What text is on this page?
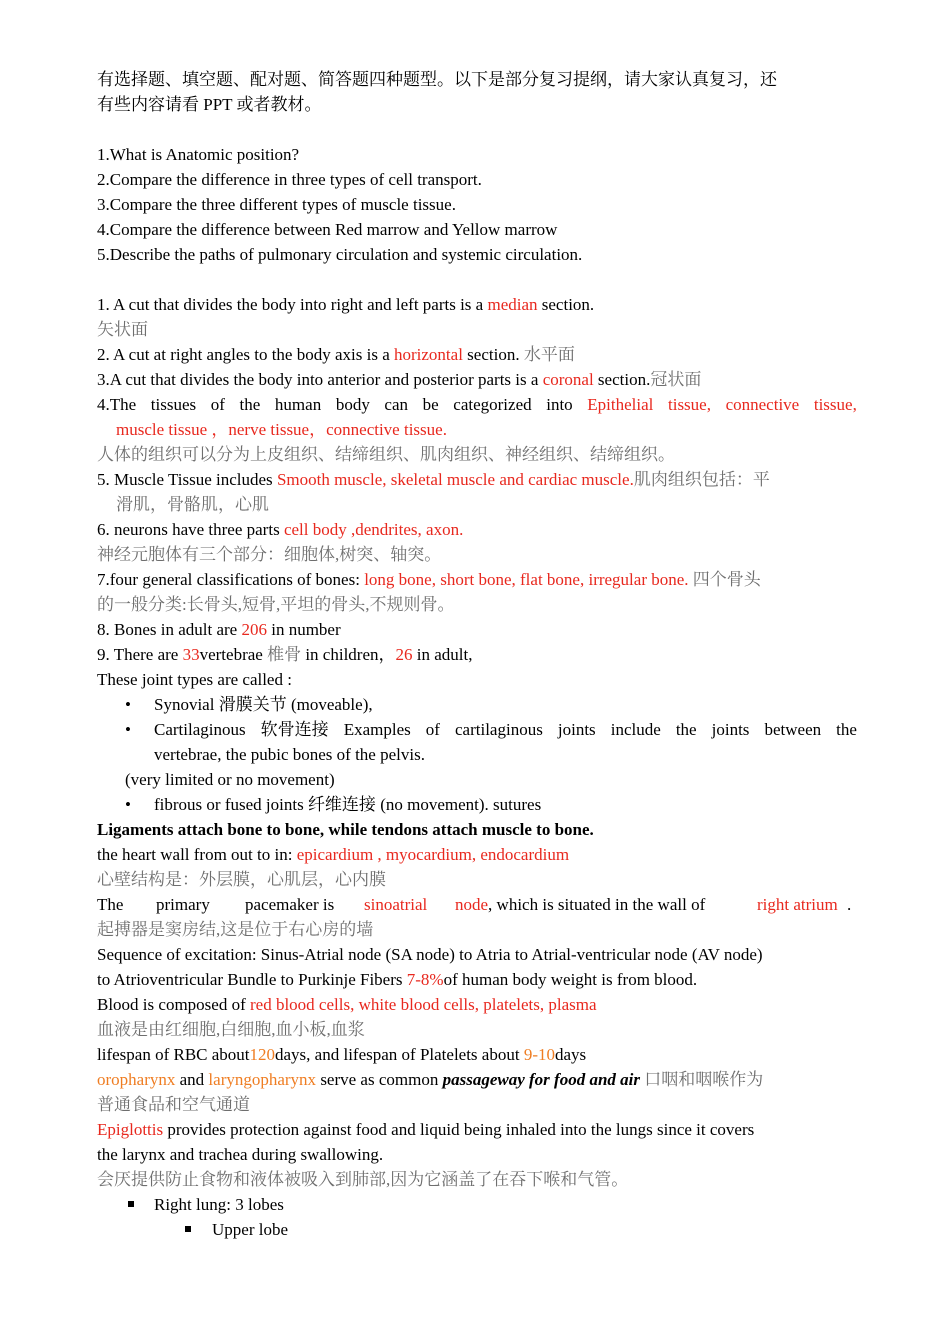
有选择题、填空题、配对题、简答题四种题型。以下是部分复习提纲，请大家认真复习，还
有些内容请看 PPT 或者教材。
1.What is Anatomic position?
2.Compare the difference in three types of cell transport.
3.Compare the three different types of muscle tissue.
4.Compare the difference between Red marrow and Yellow marrow
5.Describe the paths of pulmonary circulation and systemic circulation.
1. A cut that divides the body into right and left parts is a median section.
矢状面
2. A cut at right angles to the body axis is a horizontal section. 水平面
3.A cut that divides the body into anterior and posterior parts is a coronal section.冠状面
4.The tissues of the human body can be categorized into Epithelial tissue, connective tissue,
muscle tissue ，nerve tissue，connective tissue.
人体的组织可以分为上皮组织、结缔组织、肌肉组织、神经组织、结缔组织。
5. Muscle Tissue includes Smooth muscle, skeletal muscle and cardiac muscle.肌肉组织包括：平
滑肌，骨骼肌，心肌
6. neurons have three parts cell body ,dendrites, axon.
神经元胞体有三个部分：细胞体,树突、轴突。
7.four general classifications of bones: long bone, short bone, flat bone, irregular bone. 四个骨头
的一般分类:长骨头,短骨,平坦的骨头,不规则骨。
8. Bones in adult are 206 in number
9. There are 33vertebrae 椎骨 in children，26 in adult,
These joint types are called :
• Synovial 滑膜关节 (moveable),
• Cartilaginous 软骨连接 Examples of cartilaginous joints include the joints between the
vertebrae, the pubic bones of the pelvis.
(very limited or no movement)
• fibrous or fused joints 纤维连接 (no movement). sutures
Ligaments attach bone to bone, while tendons attach muscle to bone.
the heart wall from out to in: epicardium , myocardium, endocardium
心壁结构是：外层膜，心肌层，心内膜
The primary pacemaker is sinoatrial node, which is situated in the wall of	right atrium .
起搏器是窦房结,这是位于右心房的墙
Sequence of excitation: Sinus-Atrial node (SA node) to Atria to Atrial-ventricular node (AV node)
to Atrioventricular Bundle to Purkinje Fibers 7-8%of human body weight is from blood.
Blood is composed of red blood cells, white blood cells, platelets, plasma
血液是由红细胞,白细胞,血小板,血浆
lifespan of RBC about120days, and lifespan of Platelets about 9-10days
oropharynx and laryngopharynx serve as common passageway for food and air 口咽和咽喉作为
普通食品和空气通道
Epiglottis provides protection against food and liquid being inhaled into the lungs since it covers
the larynx and trachea during swallowing.
会厌提供防止食物和液体被吸入到肺部,因为它涵盖了在吞下喉和气管。
Right lung: 3 lobes
Upper lobe
